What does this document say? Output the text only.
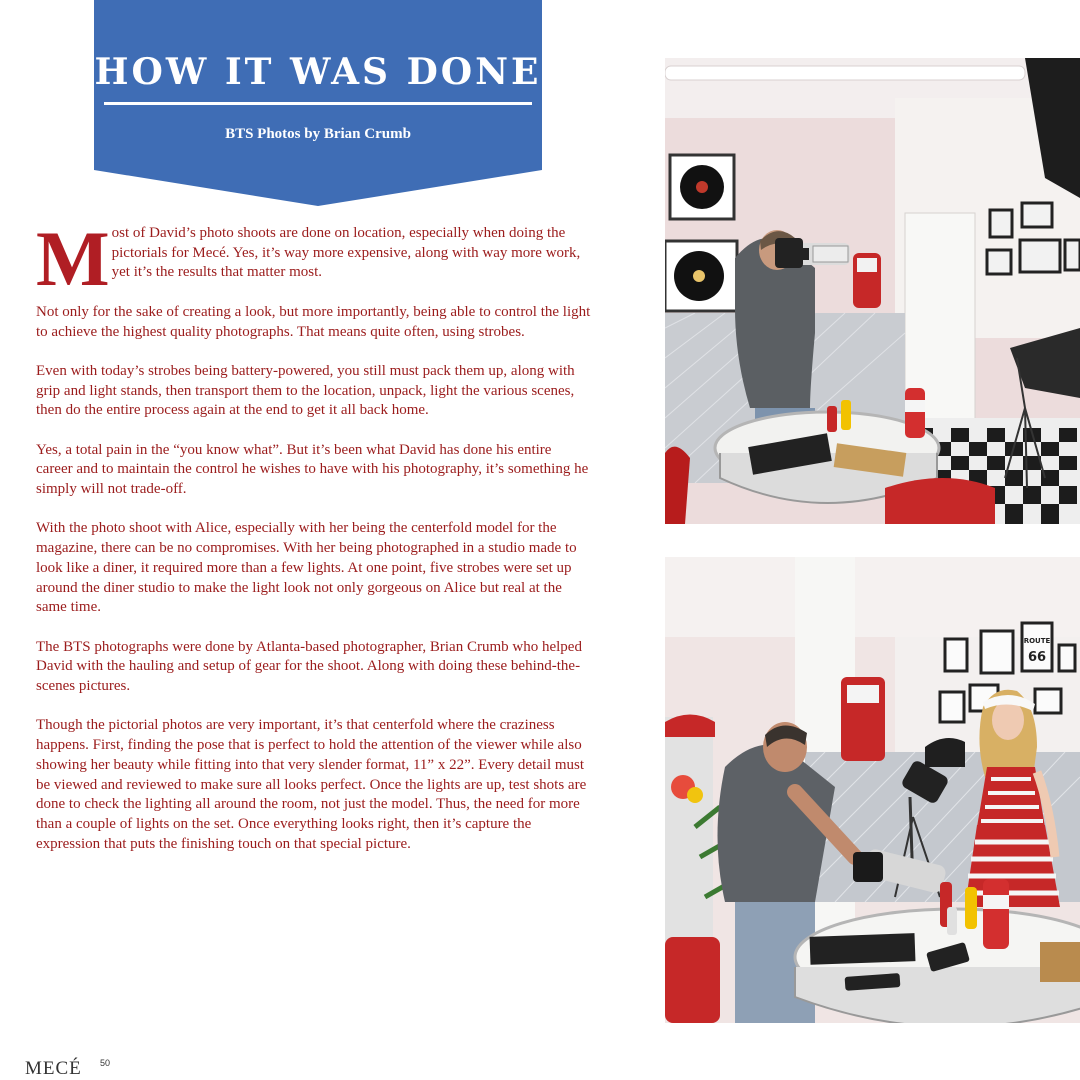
HOW IT WAS DONE
BTS Photos by Brian Crumb

Most of David’s photo shoots are done on location, especially when doing the pictorials for Mecé. Yes, it’s way more expensive, along with way more work, yet it’s the results that matter most.

Not only for the sake of creating a look, but more importantly, being able to control the light to achieve the highest quality photographs. That means quite often, using strobes.

Even with today’s strobes being battery-powered, you still must pack them up, along with grip and light stands, then transport them to the location, unpack, light the various scenes, then do the entire process again at the end to get it all back home.

Yes, a total pain in the “you know what”. But it’s been what David has done his entire career and to maintain the control he wishes to have with his photography, it’s something he simply will not trade-off.

With the photo shoot with Alice, especially with her being the centerfold model for the magazine, there can be no compromises. With her being photographed in a studio made to look like a diner, it required more than a few lights. At one point, five strobes were set up around the diner studio to make the light look not only gorgeous on Alice but real at the same time.

The BTS photographs were done by Atlanta-based photographer, Brian Crumb who helped David with the hauling and setup of gear for the shoot. Along with doing these behind-the-scenes pictures.

Though the pictorial photos are very important, it’s that centerfold where the craziness happens. First, finding the pose that is perfect to hold the attention of the viewer while also showing her beauty while fitting into that very slender format, 11” x 22”. Every detail must be viewed and reviewed to make sure all looks perfect. Once the lights are up, test shots are done to check the lighting all around the room, not just the model. Thus, the need for more than a couple of lights on the set. Once everything looks right, then it’s capture the expression that puts the finishing touch on that special picture.

ROUTE
66
MECÉ 50
